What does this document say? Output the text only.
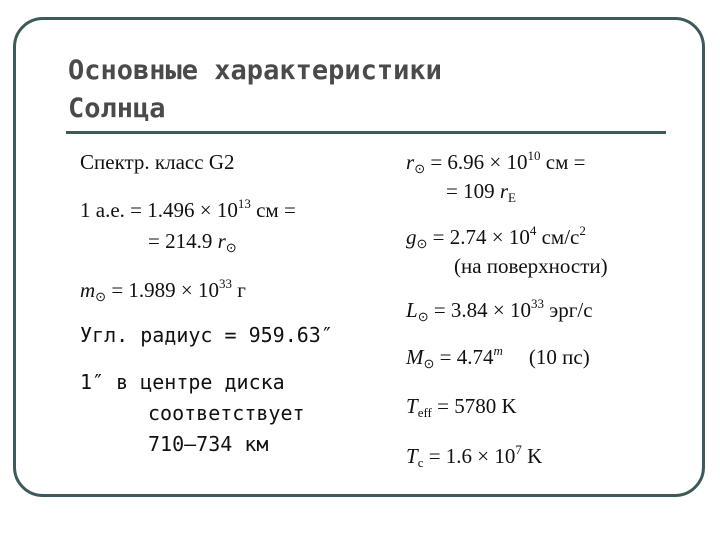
Основные характеристики
Солнца
Спектр. класс G2
1 а.е. = $1.496 \times 10^{13}$ см =
= 214.9 r⊙
m⊙ = $1.989 \times 10^{33}$ г
Угл. радиус = 959.63″
1″ в центре диска
соответствует
710–734 км
r⊙ = $6.96 \times 10^{10}$ см =
= 109 $r_E$
g⊙ = $2.74 \times 10^4$ $см/с^2$
(на поверхности)
L⊙ = $3.84 \times 10^{33}$ эрг/с
M⊙ = $4.74^m$ (10 пс)
$T_{eff} = 5780$ K
$T_c = 1.6 \times 10^7$ K
